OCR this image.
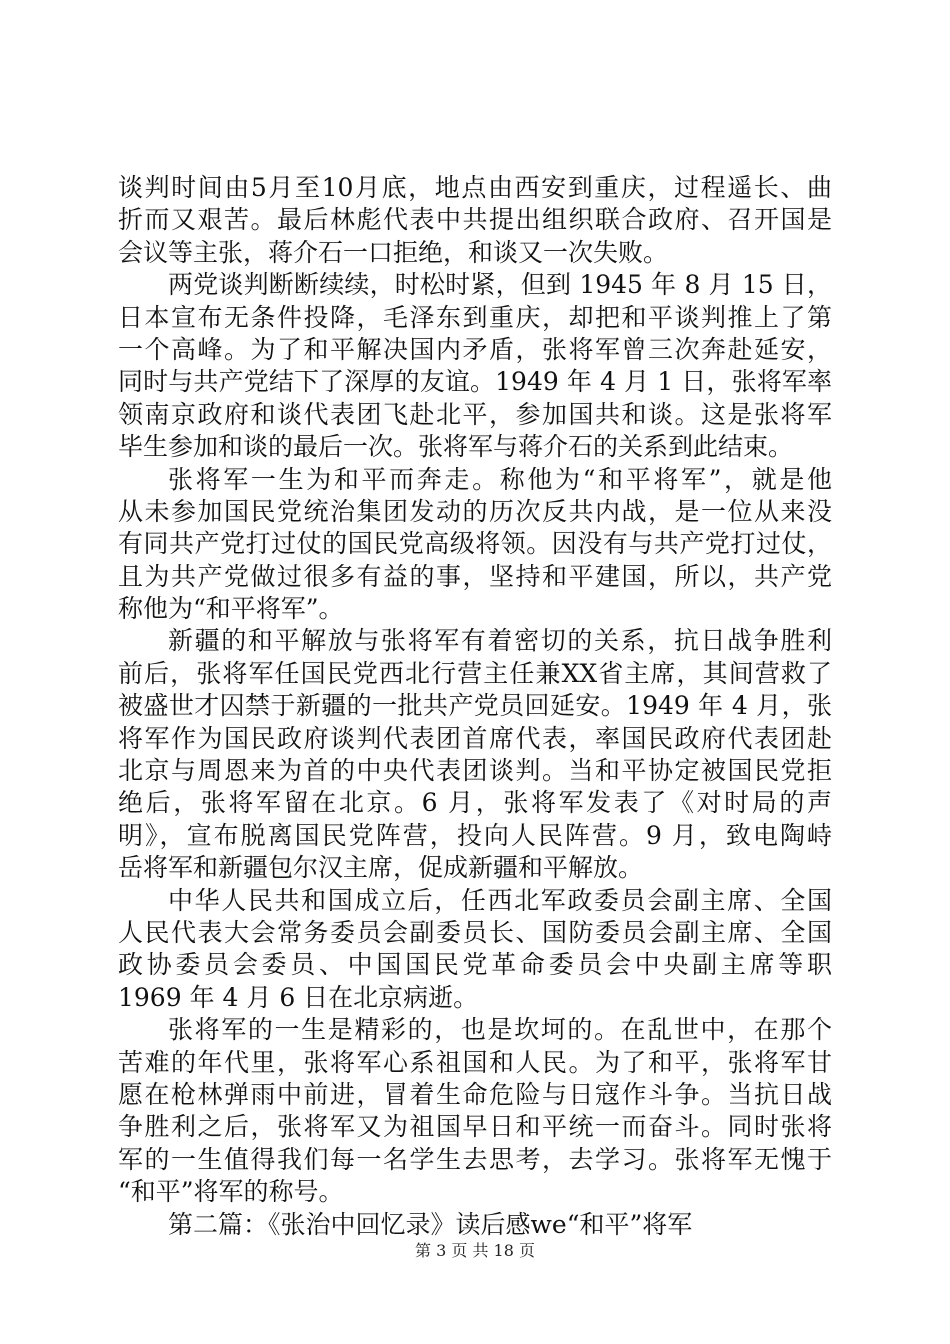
谈判时间由5月至10月底，地点由西安到重庆，过程遥长、曲
折而又艰苦。最后林彪代表中共提出组织联合政府、召开国是
会议等主张，蒋介石一口拒绝，和谈又一次失败。
两党谈判断断续续，时松时紧，但到 1945 年 8 月 15 日，
日本宣布无条件投降，毛泽东到重庆，却把和平谈判推上了第
一个高峰。为了和平解决国内矛盾，张将军曾三次奔赴延安，
同时与共产党结下了深厚的友谊。1949 年 4 月 1 日，张将军率
领南京政府和谈代表团飞赴北平，参加国共和谈。这是张将军
毕生参加和谈的最后一次。张将军与蒋介石的关系到此结束。
张将军一生为和平而奔走。称他为“和平将军”，就是他
从未参加国民党统治集团发动的历次反共内战，是一位从来没
有同共产党打过仗的国民党高级将领。因没有与共产党打过仗，
且为共产党做过很多有益的事，坚持和平建国，所以，共产党
称他为“和平将军”。
新疆的和平解放与张将军有着密切的关系，抗日战争胜利
前后，张将军任国民党西北行营主任兼XX省主席，其间营救了
被盛世才囚禁于新疆的一批共产党员回延安。1949 年 4 月，张
将军作为国民政府谈判代表团首席代表，率国民政府代表团赴
北京与周恩来为首的中央代表团谈判。当和平协定被国民党拒
绝后，张将军留在北京。6 月，张将军发表了《对时局的声
明》，宣布脱离国民党阵营，投向人民阵营。9 月，致电陶峙
岳将军和新疆包尔汉主席，促成新疆和平解放。
中华人民共和国成立后，任西北军政委员会副主席、全国
人民代表大会常务委员会副委员长、国防委员会副主席、全国
政协委员会委员、中国国民党革命委员会中央副主席等职
1969 年 4 月 6 日在北京病逝。
张将军的一生是精彩的，也是坎坷的。在乱世中，在那个
苦难的年代里，张将军心系祖国和人民。为了和平，张将军甘
愿在枪林弹雨中前进，冒着生命危险与日寇作斗争。当抗日战
争胜利之后，张将军又为祖国早日和平统一而奋斗。同时张将
军的一生值得我们每一名学生去思考，去学习。张将军无愧于
“和平”将军的称号。
第二篇：《张治中回忆录》读后感we“和平”将军
第 3 页 共 18 页
